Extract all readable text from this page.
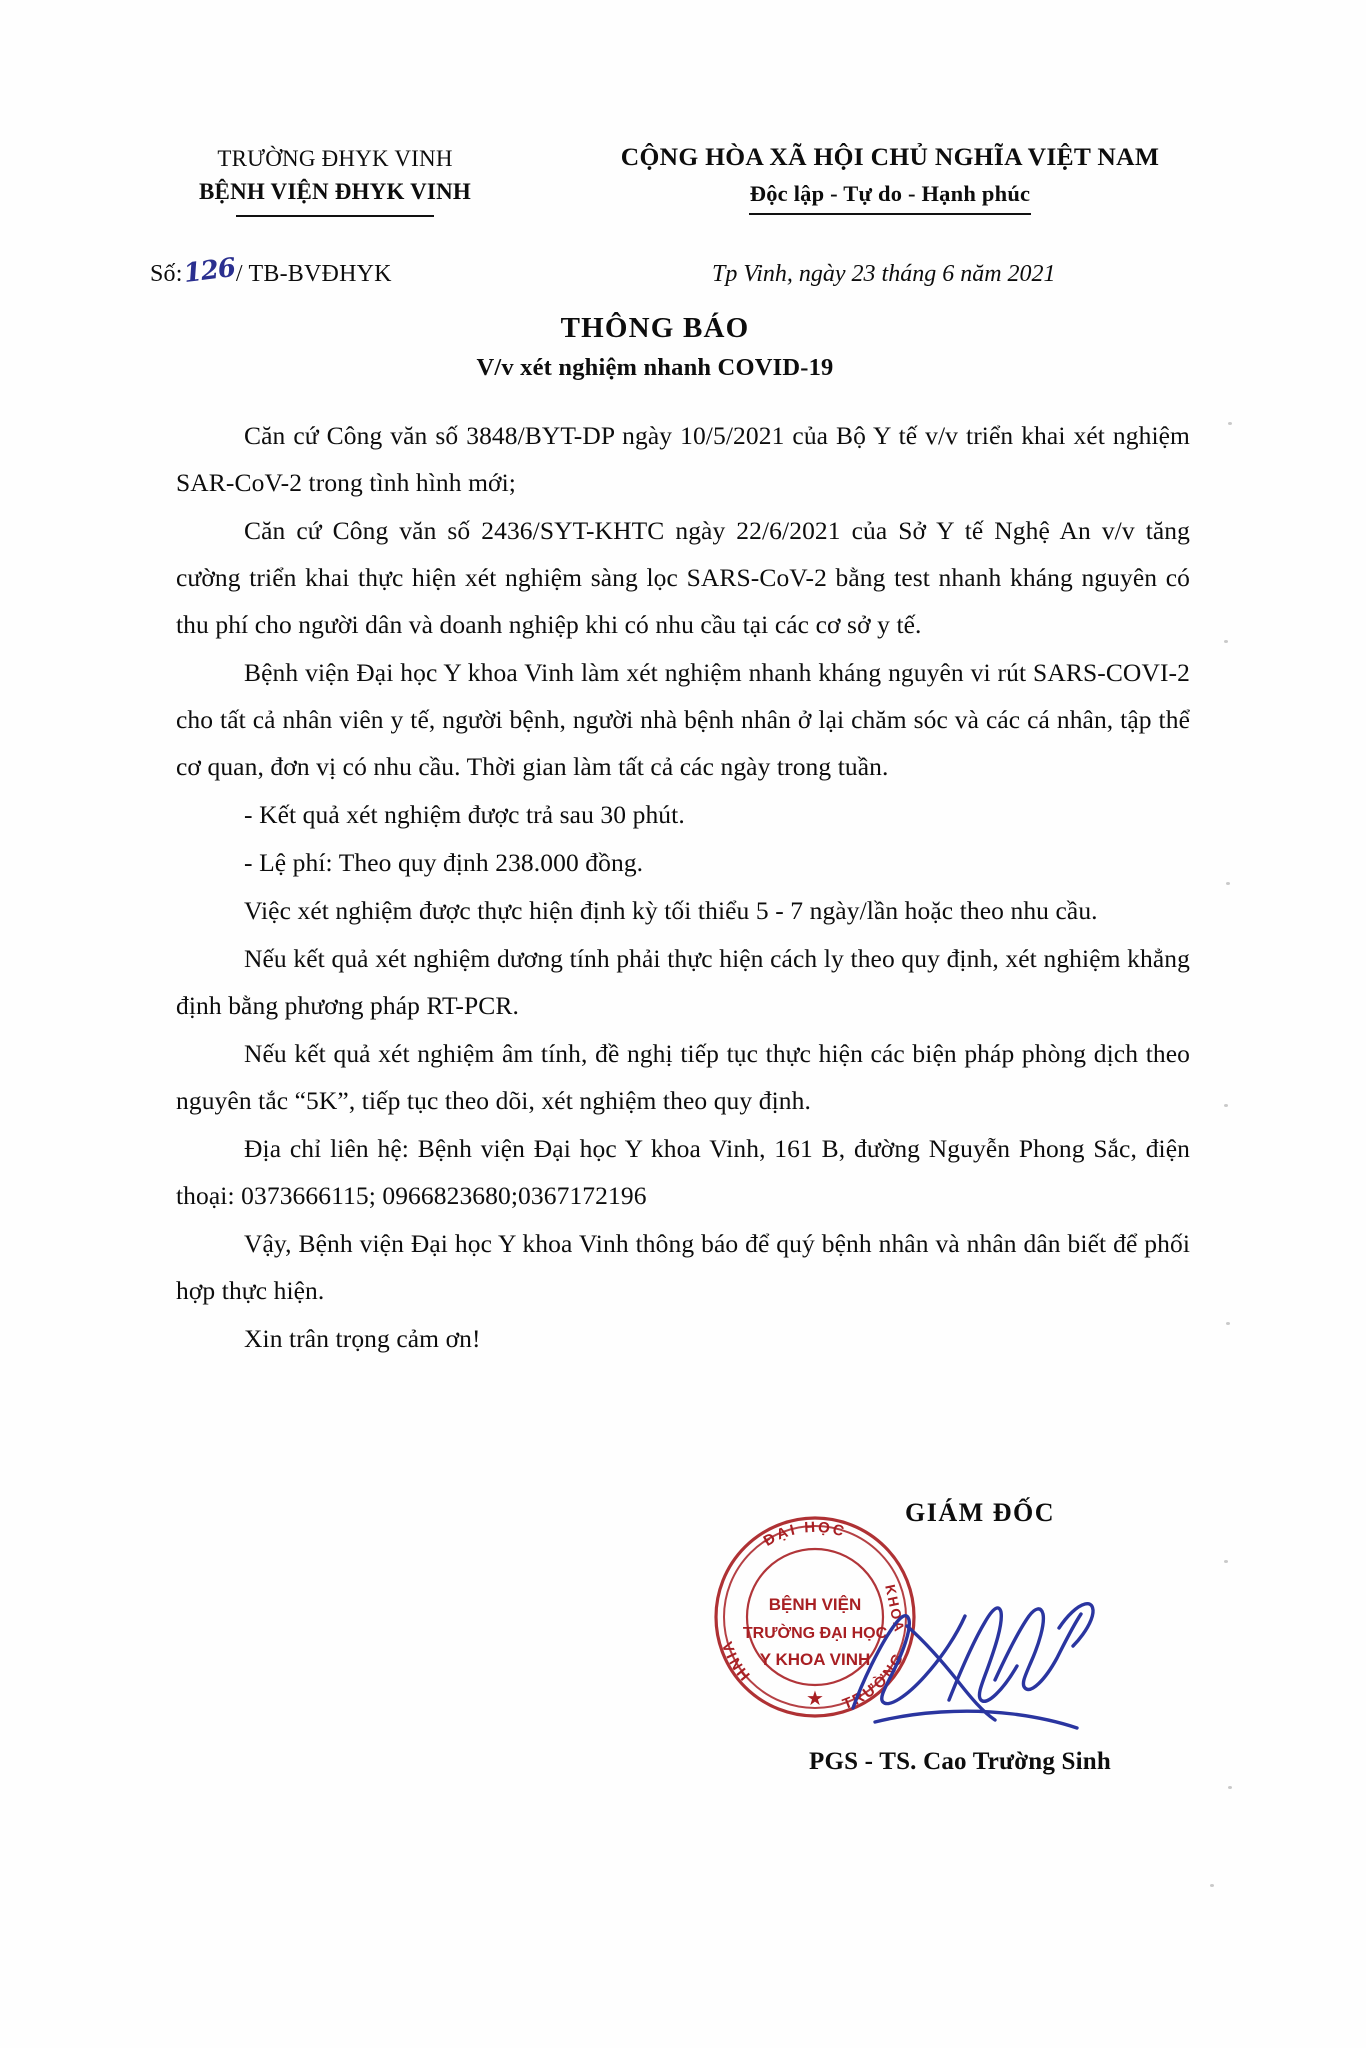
TRƯỜNG ĐHYK VINH
BỆNH VIỆN ĐHYK VINH
CỘNG HÒA XÃ HỘI CHỦ NGHĨA VIỆT NAM
Độc lập - Tự do - Hạnh phúc
Số:126/ TB-BVĐHYK	Tp Vinh, ngày 23 tháng 6 năm 2021
THÔNG BÁO
V/v xét nghiệm nhanh COVID-19

Căn cứ Công văn số 3848/BYT-DP ngày 10/5/2021 của Bộ Y tế v/v triển khai xét nghiệm SAR-CoV-2 trong tình hình mới;

Căn cứ Công văn số 2436/SYT-KHTC ngày 22/6/2021 của Sở Y tế Nghệ An v/v tăng cường triển khai thực hiện xét nghiệm sàng lọc SARS-CoV-2 bằng test nhanh kháng nguyên có thu phí cho người dân và doanh nghiệp khi có nhu cầu tại các cơ sở y tế.

Bệnh viện Đại học Y khoa Vinh làm xét nghiệm nhanh kháng nguyên vi rút SARS-COVI-2 cho tất cả nhân viên y tế, người bệnh, người nhà bệnh nhân ở lại chăm sóc và các cá nhân, tập thể cơ quan, đơn vị có nhu cầu. Thời gian làm tất cả các ngày trong tuần.

- Kết quả xét nghiệm được trả sau 30 phút.

- Lệ phí: Theo quy định 238.000 đồng.

Việc xét nghiệm được thực hiện định kỳ tối thiểu 5 - 7 ngày/lần hoặc theo nhu cầu.

Nếu kết quả xét nghiệm dương tính phải thực hiện cách ly theo quy định, xét nghiệm khẳng định bằng phương pháp RT-PCR.

Nếu kết quả xét nghiệm âm tính, đề nghị tiếp tục thực hiện các biện pháp phòng dịch theo nguyên tắc “5K”, tiếp tục theo dõi, xét nghiệm theo quy định.

Địa chỉ liên hệ: Bệnh viện Đại học Y khoa Vinh, 161 B, đường Nguyễn Phong Sắc, điện thoại: 0373666115; 0966823680;0367172196

Vậy, Bệnh viện Đại học Y khoa Vinh thông báo để quý bệnh nhân và nhân dân biết để phối hợp thực hiện.

Xin trân trọng cảm ơn!

GIÁM ĐỐC
ĐẠI HỌC
VINH
TRƯỜNG
KHOA
BỆNH VIỆN
TRƯỜNG ĐẠI HỌC
Y KHOA VINH
★
PGS - TS. Cao Trường Sinh
